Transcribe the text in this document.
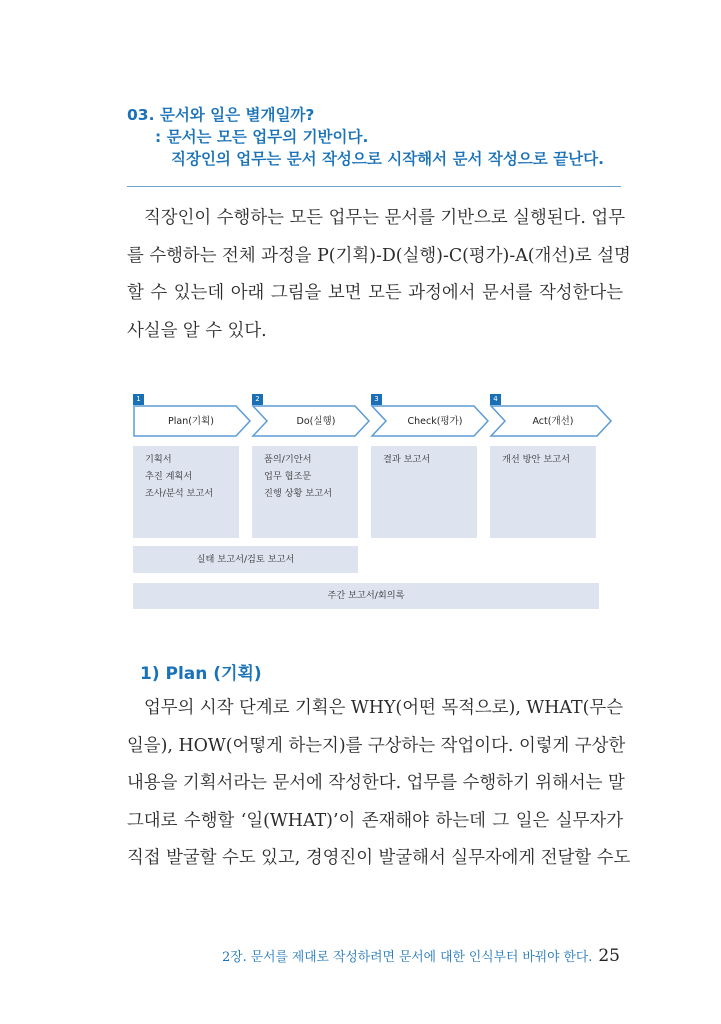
03. 문서와 일은 별개일까?
: 문서는 모든 업무의 기반이다.
직장인의 업무는 문서 작성으로 시작해서 문서 작성으로 끝난다.

직장인이 수행하는 모든 업무는 문서를 기반으로 실행된다. 업무
를 수행하는 전체 과정을 P(기획)-D(실행)-C(평가)-A(개선)로 설명
할 수 있는데 아래 그림을 보면 모든 과정에서 문서를 작성한다는
사실을 알 수 있다.

1	2	3	4
Plan(기획)	Do(실행)	Check(평가)	Act(개선)
기획서
추진 계획서
조사/분석 보고서
품의/기안서
업무 협조문
진행 상황 보고서
결과 보고서	개선 방안 보고서
실태 보고서/검토 보고서
주간 보고서/회의록
1) Plan (기획)

업무의 시작 단계로 기획은 WHY(어떤 목적으로), WHAT(무슨
일을), HOW(어떻게 하는지)를 구상하는 작업이다. 이렇게 구상한
내용을 기획서라는 문서에 작성한다. 업무를 수행하기 위해서는 말
그대로 수행할 ‘일(WHAT)’이 존재해야 하는데 그 일은 실무자가
직접 발굴할 수도 있고, 경영진이 발굴해서 실무자에게 전달할 수도

2장. 문서를 제대로 작성하려면 문서에 대한 인식부터 바꿔야 한다. 25
